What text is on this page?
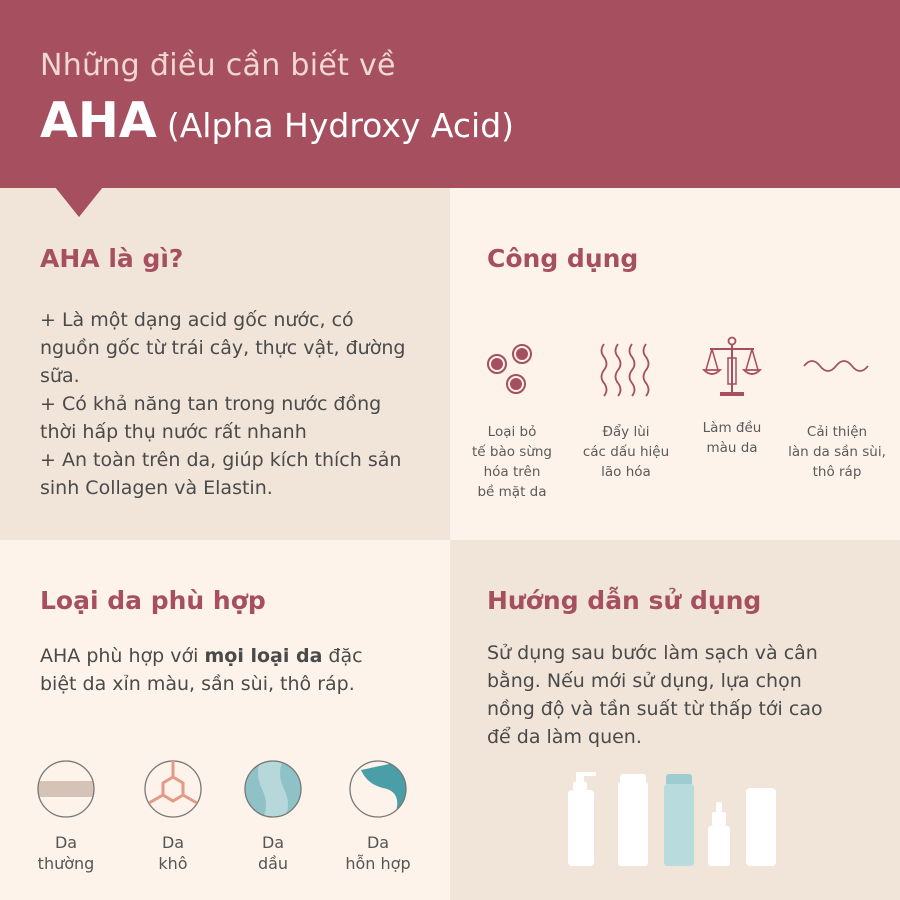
Những điều cần biết về
AHA (Alpha Hydroxy Acid)
AHA là gì?
+ Là một dạng acid gốc nước, có
nguồn gốc từ trái cây, thực vật, đường
sữa.
+ Có khả năng tan trong nước đồng
thời hấp thụ nước rất nhanh
+ An toàn trên da, giúp kích thích sản
sinh Collagen và Elastin.
Công dụng
Loại bỏ
tế bào sừng
hóa trên
bề mặt da
Đẩy lùi
các dấu hiệu
lão hóa
Làm đều
màu da
Cải thiện
làn da sần sùi,
thô ráp
Loại da phù hợp
AHA phù hợp với mọi loại da đặc
biệt da xỉn màu, sần sùi, thô ráp.
Da
thường
Da
khô
Da
dầu
Da
hỗn hợp
Hướng dẫn sử dụng
Sử dụng sau bước làm sạch và cân
bằng. Nếu mới sử dụng, lựa chọn
nồng độ và tần suất từ thấp tới cao
để da làm quen.
